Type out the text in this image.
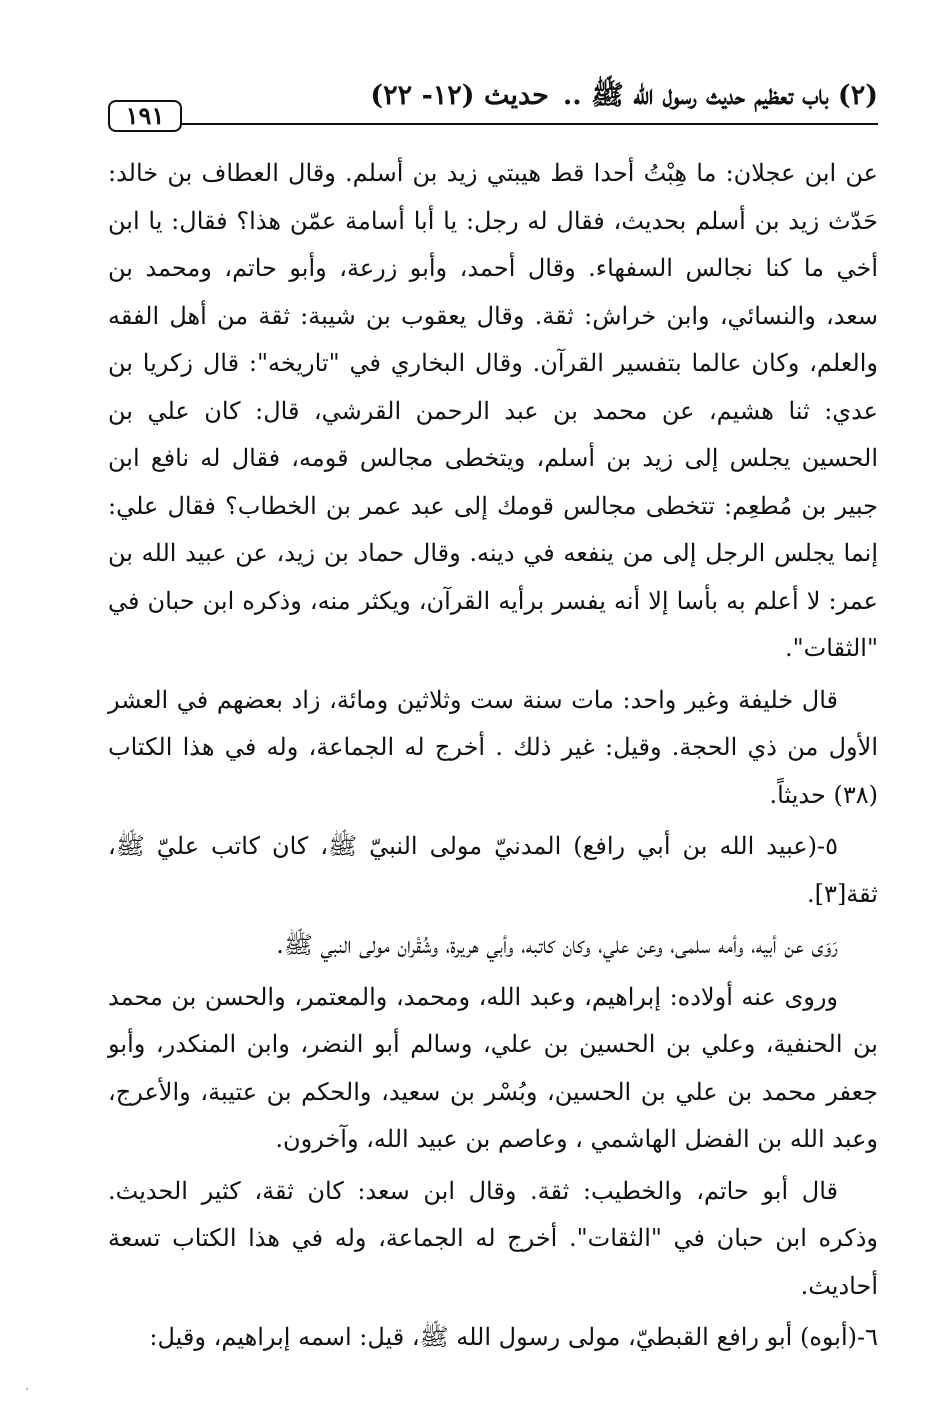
(٢) باب تعظيم حديث رسول الله ﷺ ..
حديث (١٢- ٢٢)
١٩١

عن ابن عجلان: ما هِبْتُ أحدا قط هيبتي زيد بن أسلم. وقال العطاف بن خالد: حَدّث زيد بن أسلم بحديث، فقال له رجل: يا أبا أسامة عمّن هذا؟ فقال: يا ابن أخي ما كنا نجالس السفهاء. وقال أحمد، وأبو زرعة، وأبو حاتم، ومحمد بن سعد، والنسائي، وابن خراش: ثقة. وقال يعقوب بن شيبة: ثقة من أهل الفقه والعلم، وكان عالما بتفسير القرآن. وقال البخاري في "تاريخه": قال زكريا بن عدي: ثنا هشيم، عن محمد بن عبد الرحمن القرشي، قال: كان علي بن الحسين يجلس إلى زيد بن أسلم، ويتخطى مجالس قومه، فقال له نافع ابن جبير بن مُطعِم: تتخطى مجالس قومك إلى عبد عمر بن الخطاب؟ فقال علي: إنما يجلس الرجل إلى من ينفعه في دينه. وقال حماد بن زيد، عن عبيد الله بن عمر: لا أعلم به بأسا إلا أنه يفسر برأيه القرآن، ويكثر منه، وذكره ابن حبان في "الثقات".

قال خليفة وغير واحد: مات سنة ست وثلاثين ومائة، زاد بعضهم في العشر الأول من ذي الحجة. وقيل: غير ذلك . أخرج له الجماعة، وله في هذا الكتاب (٣٨) حديثاً.

٥-(عبيد الله بن أبي رافع) المدنيّ مولى النبيّ ﷺ، كان كاتب عليّ ﷺ، ثقة[٣].

رَوَى عن أبيه، وأمه سلمى، وعن علي، وكان كاتبه، وأبي هريرة، وشُقْران مولى النبي ﷺ.

وروى عنه أولاده: إبراهيم، وعبد الله، ومحمد، والمعتمر، والحسن بن محمد بن الحنفية، وعلي بن الحسين بن علي، وسالم أبو النضر، وابن المنكدر، وأبو جعفر محمد بن علي بن الحسين، وبُسْر بن سعيد، والحكم بن عتيبة، والأعرج، وعبد الله بن الفضل الهاشمي ، وعاصم بن عبيد الله، وآخرون.

قال أبو حاتم، والخطيب: ثقة. وقال ابن سعد: كان ثقة، كثير الحديث. وذكره ابن حبان في "الثقات". أخرج له الجماعة، وله في هذا الكتاب تسعة أحاديث.

٦-(أبوه) أبو رافع القبطيّ، مولى رسول الله ﷺ، قيل: اسمه إبراهيم، وقيل:
